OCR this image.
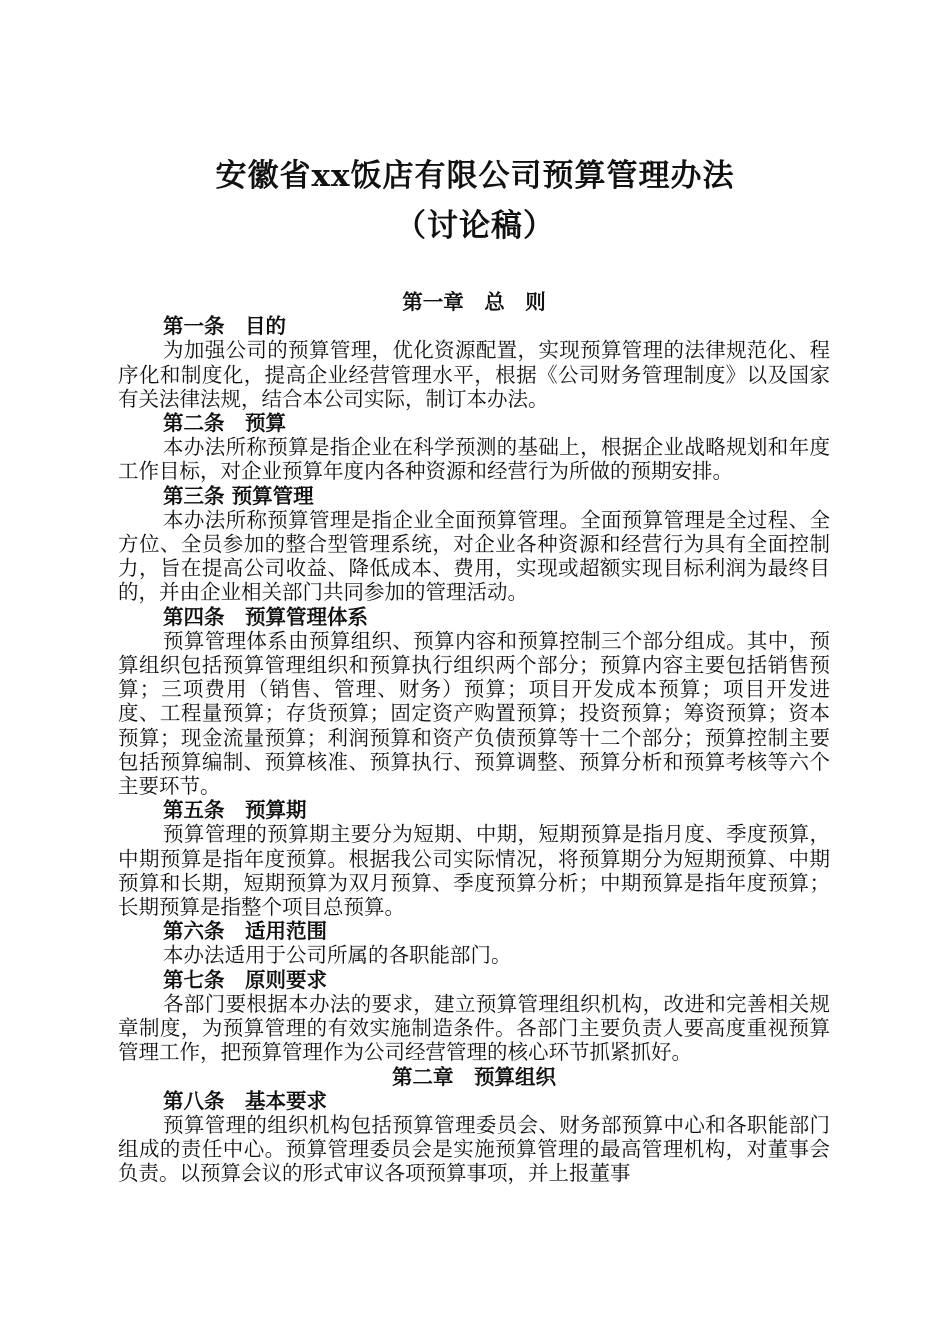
安徽省xx饭店有限公司预算管理办法
（讨论稿）
第一章　总　则
第一条　目的
为加强公司的预算管理，优化资源配置，实现预算管理的法律规范化、程序化和制度化，提高企业经营管理水平，根据《公司财务管理制度》以及国家有关法律法规，结合本公司实际，制订本办法。
第二条　预算
本办法所称预算是指企业在科学预测的基础上，根据企业战略规划和年度工作目标，对企业预算年度内各种资源和经营行为所做的预期安排。
第三条 预算管理
本办法所称预算管理是指企业全面预算管理。全面预算管理是全过程、全方位、全员参加的整合型管理系统，对企业各种资源和经营行为具有全面控制力，旨在提高公司收益、降低成本、费用，实现或超额实现目标利润为最终目的，并由企业相关部门共同参加的管理活动。
第四条　预算管理体系
预算管理体系由预算组织、预算内容和预算控制三个部分组成。其中，预算组织包括预算管理组织和预算执行组织两个部分；预算内容主要包括销售预算；三项费用（销售、管理、财务）预算；项目开发成本预算；项目开发进度、工程量预算；存货预算；固定资产购置预算；投资预算；筹资预算；资本预算；现金流量预算；利润预算和资产负债预算等十二个部分；预算控制主要包括预算编制、预算核准、预算执行、预算调整、预算分析和预算考核等六个主要环节。
第五条　预算期
预算管理的预算期主要分为短期、中期，短期预算是指月度、季度预算，中期预算是指年度预算。根据我公司实际情况，将预算期分为短期预算、中期预算和长期，短期预算为双月预算、季度预算分析；中期预算是指年度预算；长期预算是指整个项目总预算。
第六条　适用范围
本办法适用于公司所属的各职能部门。
第七条　原则要求
各部门要根据本办法的要求，建立预算管理组织机构，改进和完善相关规章制度，为预算管理的有效实施制造条件。各部门主要负责人要高度重视预算管理工作，把预算管理作为公司经营管理的核心环节抓紧抓好。
第二章　预算组织
第八条　基本要求
预算管理的组织机构包括预算管理委员会、财务部预算中心和各职能部门组成的责任中心。预算管理委员会是实施预算管理的最高管理机构，对董事会负责。以预算会议的形式审议各项预算事项，并上报董事
